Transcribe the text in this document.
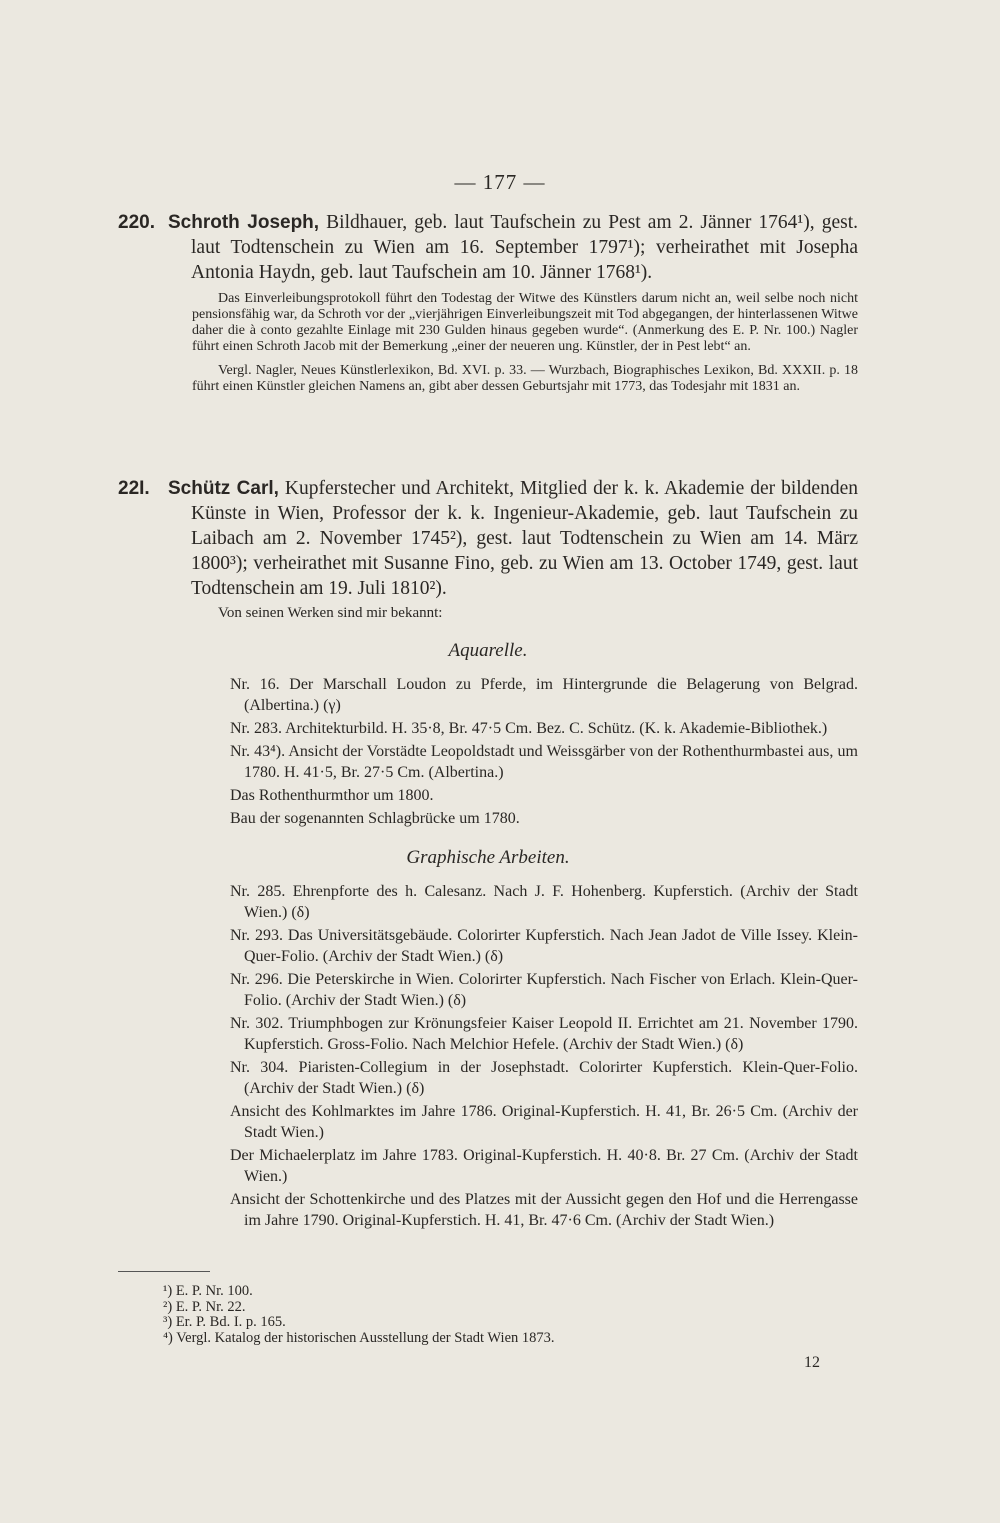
— 177 —
220. Schroth Joseph, Bildhauer, geb. laut Taufschein zu Pest am 2. Jänner 1764¹), gest. laut Todtenschein zu Wien am 16. September 1797¹); verheirathet mit Josepha Antonia Haydn, geb. laut Taufschein am 10. Jänner 1768¹).

Das Einverleibungsprotokoll führt den Todestag der Witwe des Künstlers darum nicht an, weil selbe noch nicht pensionsfähig war, da Schroth vor der „vierjährigen Einverleibungszeit mit Tod abgegangen, der hinterlassenen Witwe daher die à conto gezahlte Einlage mit 230 Gulden hinaus gegeben wurde“. (Anmerkung des E. P. Nr. 100.) Nagler führt einen Schroth Jacob mit der Bemerkung „einer der neueren ung. Künstler, der in Pest lebt“ an.

Vergl. Nagler, Neues Künstlerlexikon, Bd. XVI. p. 33. — Wurzbach, Biographisches Lexikon, Bd. XXXII. p. 18 führt einen Künstler gleichen Namens an, gibt aber dessen Geburtsjahr mit 1773, das Todesjahr mit 1831 an.

22I. Schütz Carl, Kupferstecher und Architekt, Mitglied der k. k. Akademie der bildenden Künste in Wien, Professor der k. k. Ingenieur-Akademie, geb. laut Taufschein zu Laibach am 2. November 1745²), gest. laut Todtenschein zu Wien am 14. März 1800³); verheirathet mit Susanne Fino, geb. zu Wien am 13. October 1749, gest. laut Todtenschein am 19. Juli 1810²).
Von seinen Werken sind mir bekannt:
Aquarelle.
Nr. 16. Der Marschall Loudon zu Pferde, im Hintergrunde die Belagerung von Belgrad. (Albertina.) (γ)
Nr. 283. Architekturbild. H. 35·8, Br. 47·5 Cm. Bez. C. Schütz. (K. k. Akademie-Bibliothek.)
Nr. 43⁴). Ansicht der Vorstädte Leopoldstadt und Weissgärber von der Rothenthurmbastei aus, um 1780. H. 41·5, Br. 27·5 Cm. (Albertina.)
Das Rothenthurmthor um 1800.
Bau der sogenannten Schlagbrücke um 1780.
Graphische Arbeiten.
Nr. 285. Ehrenpforte des h. Calesanz. Nach J. F. Hohenberg. Kupferstich. (Archiv der Stadt Wien.) (δ)
Nr. 293. Das Universitätsgebäude. Colorirter Kupferstich. Nach Jean Jadot de Ville Issey. Klein-Quer-Folio. (Archiv der Stadt Wien.) (δ)
Nr. 296. Die Peterskirche in Wien. Colorirter Kupferstich. Nach Fischer von Erlach. Klein-Quer-Folio. (Archiv der Stadt Wien.) (δ)
Nr. 302. Triumphbogen zur Krönungsfeier Kaiser Leopold II. Errichtet am 21. November 1790. Kupferstich. Gross-Folio. Nach Melchior Hefele. (Archiv der Stadt Wien.) (δ)
Nr. 304. Piaristen-Collegium in der Josephstadt. Colorirter Kupferstich. Klein-Quer-Folio. (Archiv der Stadt Wien.) (δ)
Ansicht des Kohlmarktes im Jahre 1786. Original-Kupferstich. H. 41, Br. 26·5 Cm. (Archiv der Stadt Wien.)
Der Michaelerplatz im Jahre 1783. Original-Kupferstich. H. 40·8. Br. 27 Cm. (Archiv der Stadt Wien.)
Ansicht der Schottenkirche und des Platzes mit der Aussicht gegen den Hof und die Herrengasse im Jahre 1790. Original-Kupferstich. H. 41, Br. 47·6 Cm. (Archiv der Stadt Wien.)
¹) E. P. Nr. 100.
²) E. P. Nr. 22.
³) Er. P. Bd. I. p. 165.
⁴) Vergl. Katalog der historischen Ausstellung der Stadt Wien 1873.
12
